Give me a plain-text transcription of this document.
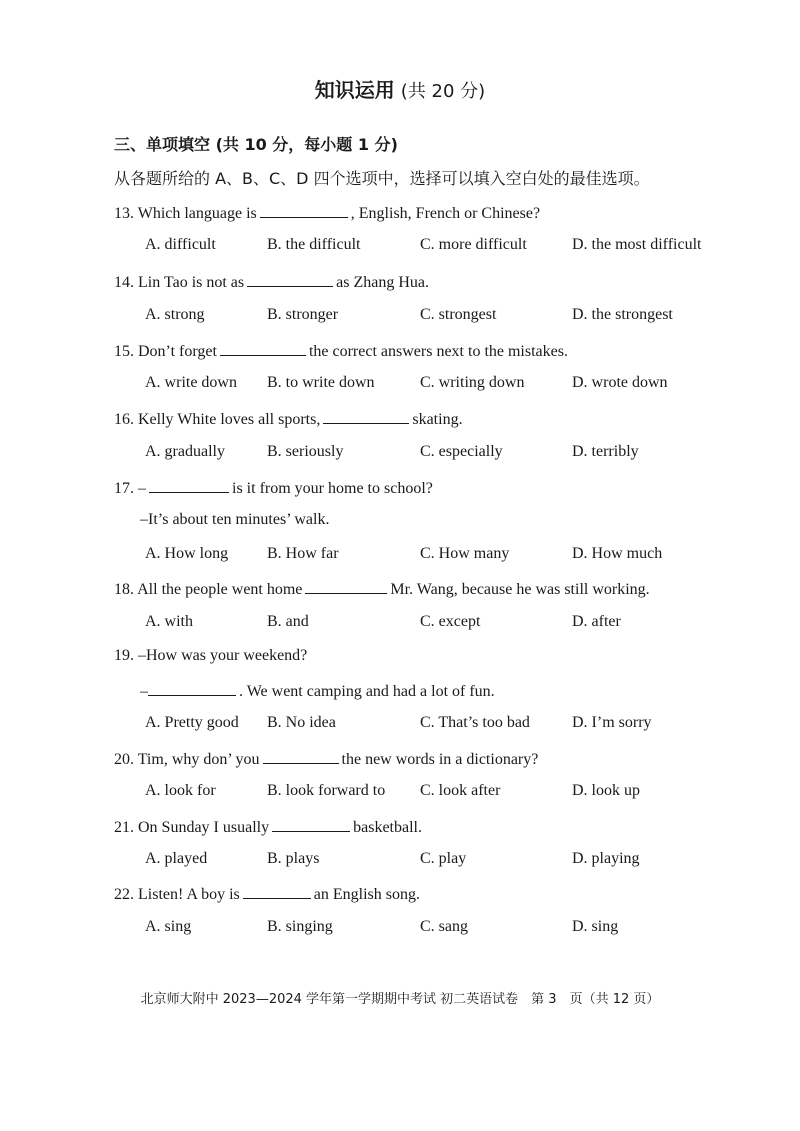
知识运用 (共 20 分)
三、单项填空 (共 10 分，每小题 1 分)
从各题所给的 A、B、C、D 四个选项中，选择可以填入空白处的最佳选项。
13. Which language is	, English, French or Chinese?
A. difficult	B. the difficult	C. more difficult	D. the most difficult
14. Lin Tao is not as	as Zhang Hua.
A. strong	B. stronger	C. strongest	D. the strongest
15. Don’t forget	the correct answers next to the mistakes.
A. write down B. to write down	C. writing down	D. wrote down
16. Kelly White loves all sports,	skating.
A. gradually	B. seriously	C. especially	D. terribly
17. –	is it from your home to school?
–It’s about ten minutes’ walk.
A. How long B. How far	C. How many	D. How much
18. All the people went home	Mr. Wang, because he was still working.
A. with	B. and	C. except	D. after
19. –How was your weekend?
–	. We went camping and had a lot of fun.
A. Pretty good B. No idea	C. That’s too bad	D. I’m sorry
20. Tim, why don’ you	the new words in a dictionary?
A. look for	B. look forward to C. look after	D. look up
21. On Sunday I usually	basketball.
A. played	B. plays	C. play	D. playing
22. Listen! A boy is	an English song.
A. sing	B. singing	C. sang	D. sing
北京师大附中 2023—2024 学年第一学期期中考试 初二英语试卷　第 3　页（共 12 页）
